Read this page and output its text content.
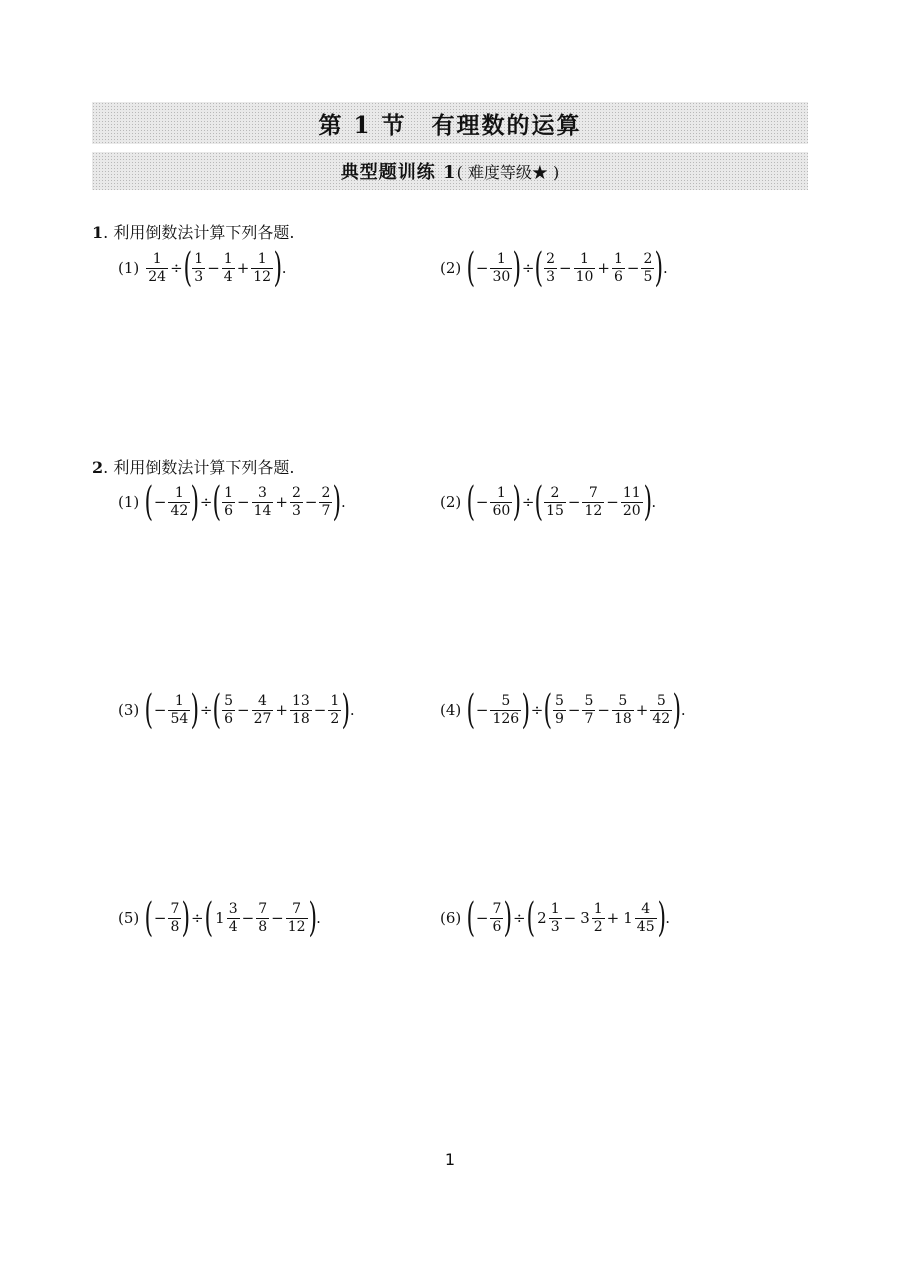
第 1 节　有理数的运算
典型题训练 1 ( 难度等级★ )
1. 利用倒数法计算下列各题.
2. 利用倒数法计算下列各题.
$(1) \frac{1}{24}$ ÷ ( $\frac{1}{3} - \frac{1}{4} + \frac{1}{12}$ ) .	(2) ( − $\frac{1}{30}$ ) ÷ ( $\frac{2}{3} - \frac{1}{10} + \frac{1}{6} - \frac{2}{5}$ ) .
(1) ( − $\frac{1}{42}$ ) ÷ ( $\frac{1}{6} - \frac{3}{14} + \frac{2}{3} - \frac{2}{7}$ ) .	(2) ( − $\frac{1}{60}$ ) ÷ ( $\frac{2}{15} - \frac{7}{12} - \frac{11}{20}$ ) .
(3) ( − $\frac{1}{54}$ ) ÷ ( $\frac{5}{6} - \frac{4}{27} + \frac{13}{18} - \frac{1}{2}$ ) .	(4) ( − $\frac{5}{126}$ ) ÷ ( $\frac{5}{9} - \frac{5}{7} - \frac{5}{18} + \frac{5}{42}$ ) .
(5) ( − $\frac{7}{8}$ ) ÷ ( $1 \frac{3}{4} - \frac{7}{8} - \frac{7}{12}$ ) .	(6) ( − $\frac{7}{6}$ ) ÷ ( $2 \frac{1}{3} - 3 \frac{1}{2} + 1 \frac{4}{45}$ ) .
1
